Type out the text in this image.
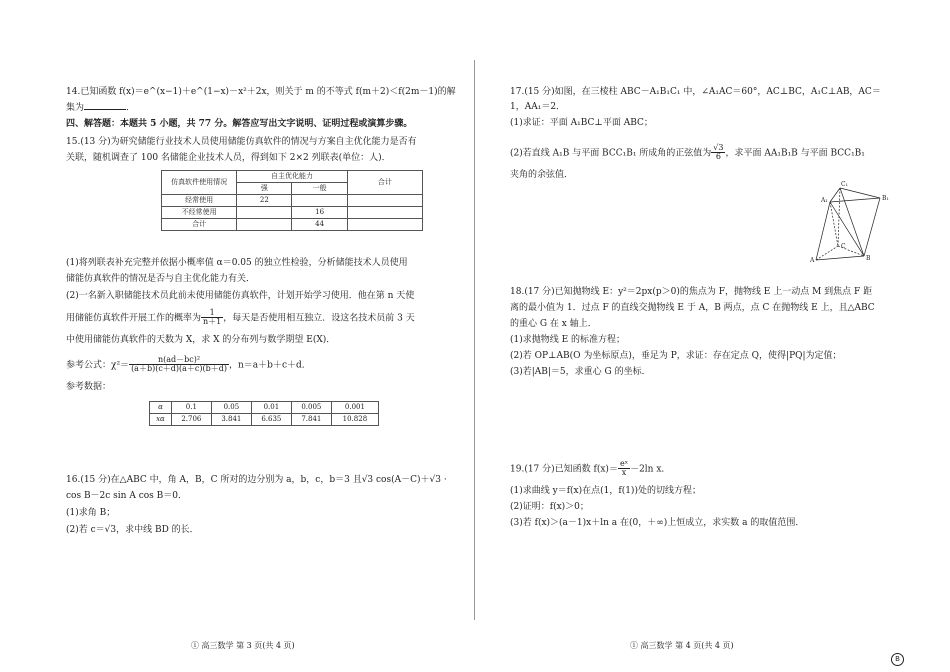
14.已知函数 f(x)＝e^(x−1)＋e^(1−x)－x²＋2x，则关于 m 的不等式 f(m＋2)＜f(2m－1)的解
集为	．
四、解答题：本题共 5 小题，共 77 分。解答应写出文字说明、证明过程或演算步骤。
15.(13 分)为研究储能行业技术人员使用储能仿真软件的情况与方案自主优化能力是否有
关联，随机调查了 100 名储能企业技术人员，得到如下 2×2 列联表(单位：人)．
仿真软件使用情况	自主优化能力		合计
	强	一般	
经常使用	22		
不经常使用		16	
合计		44	
(1)将列联表补充完整并依据小概率值 α＝0.05 的独立性检验，分析储能技术人员使用
储能仿真软件的情况是否与自主优化能力有关．
(2)一名新入职储能技术员此前未使用储能仿真软件，计划开始学习使用．他在第 n 天使
用储能仿真软件开展工作的概率为 $\frac{1}{n+1}$ ，每天是否使用相互独立．设这名技术员前 3 天
中使用储能仿真软件的天数为 X，求 X 的分布列与数学期望 E(X)．
参考公式：$\chi^2= \frac{\text{n(ad－bc)²}}{(a+b)(c+d)(a+c)(b+d)}$ ，n＝a＋b＋c＋d．
参考数据：
α	0.1	0.05	0.01	0.005	0.001
xα	2.706	3.841	6.635	7.841	10.828
16.(15 分)在△ABC 中，角 A，B，C 所对的边分别为 a，b，c，b＝3 且√3 cos(A－C)＋√3 ·
cos B－2c sin A cos B＝0．
(1)求角 B；
(2)若 c＝√3，求中线 BD 的长．
① 高三数学 第 3 页(共 4 页)
17.(15 分)如图，在三棱柱 ABC－A₁B₁C₁ 中，∠A₁AC＝60°，AC⊥BC，A₁C⊥AB，AC＝
1，AA₁＝2．
(1)求证：平面 A₁BC⊥平面 ABC；
(2)若直线 A₁B 与平面 BCC₁B₁ 所成角的正弦值为 $\frac{√3}{6}$ ，求平面 AA₁B₁B 与平面 BCC₁B₁
夹角的余弦值．
C₁
A₁	B₁
C
A	B
18.(17 分)已知抛物线 E：y²＝2px(p＞0)的焦点为 F，抛物线 E 上一动点 M 到焦点 F 距
离的最小值为 1．过点 F 的直线交抛物线 E 于 A，B 两点，点 C 在抛物线 E 上，且△ABC
的重心 G 在 x 轴上．
(1)求抛物线 E 的标准方程；
(2)若 OP⊥AB(O 为坐标原点)，垂足为 P，求证：存在定点 Q，使得|PQ|为定值；
(3)若|AB|＝5，求重心 G 的坐标．
19.(17 分)已知函数 $f(x)= \frac{\text{eˣ}}{x} -2\ln$ x．
(1)求曲线 y＝f(x)在点(1，f(1))处的切线方程；
(2)证明：f(x)＞0；
(3)若 f(x)＞(a－1)x＋ln a 在(0，＋∞)上恒成立，求实数 a 的取值范围．
① 高三数学 第 4 页(共 4 页)
B
